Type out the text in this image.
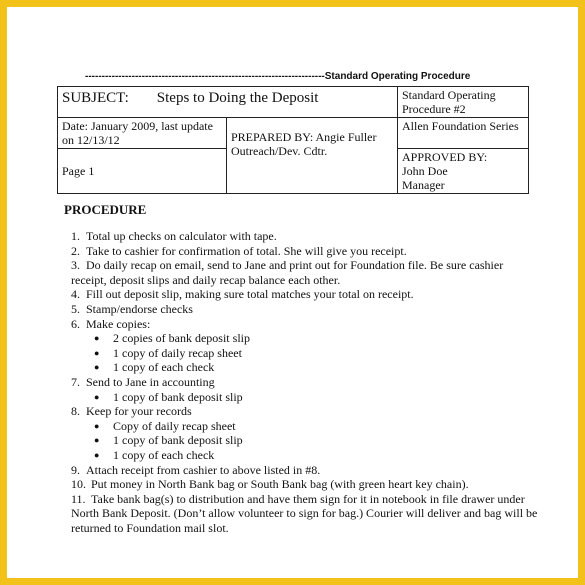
------------------------------------------------------------------------Standard Operating Procedure
SUBJECT: Steps to Doing the Deposit		Standard Operating Procedure #2
Date: January 2009, last update on 12/13/12	PREPARED BY: Angie Fuller Outreach/Dev. Cdtr.	Allen Foundation Series
Page 1		APPROVED BY:
John Doe
Manager
PROCEDURE
1. Total up checks on calculator with tape.
2. Take to cashier for confirmation of total. She will give you receipt.
3. Do daily recap on email, send to Jane and print out for Foundation file. Be sure cashier receipt, deposit slips and daily recap balance each other.
4. Fill out deposit slip, making sure total matches your total on receipt.
5. Stamp/endorse checks
6. Make copies:
●	2 copies of bank deposit slip
●	1 copy of daily recap sheet
●	1 copy of each check
7. Send to Jane in accounting
●	1 copy of bank deposit slip
8. Keep for your records
●	Copy of daily recap sheet
●	1 copy of bank deposit slip
●	1 copy of each check
9. Attach receipt from cashier to above listed in #8.
10. Put money in North Bank bag or South Bank bag (with green heart key chain).
11. Take bank bag(s) to distribution and have them sign for it in notebook in file drawer under North Bank Deposit. (Don’t allow volunteer to sign for bag.) Courier will deliver and bag will be returned to Foundation mail slot.
